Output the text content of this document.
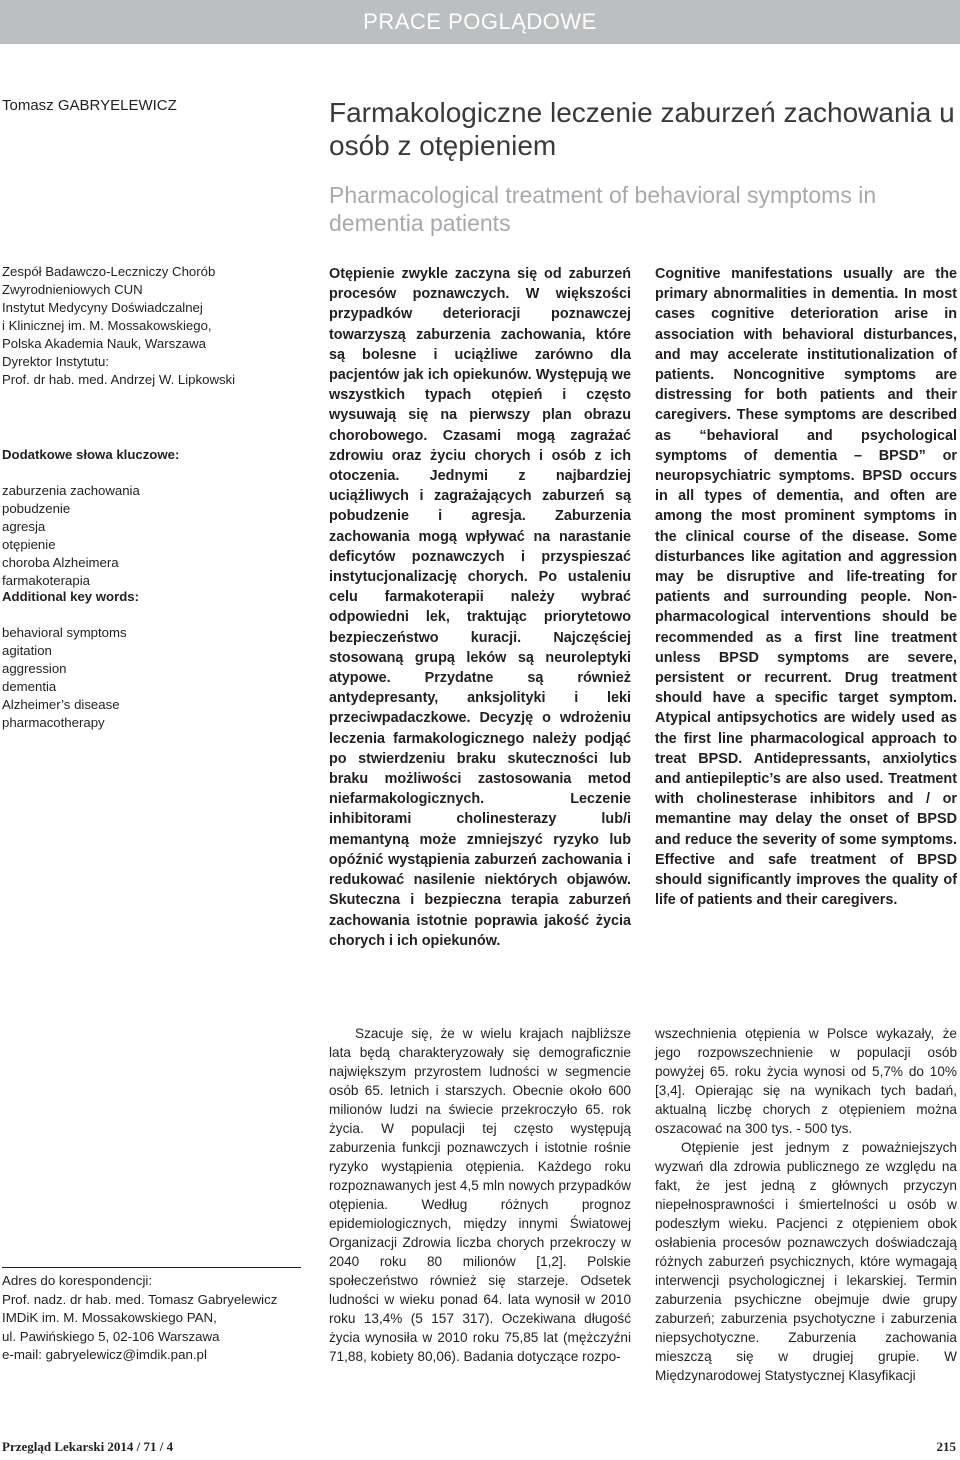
PRACE POGLĄDOWE
Tomasz GABRYELEWICZ	Farmakologiczne leczenie zaburzeń zachowania u osób z otępieniem
Pharmacological treatment of behavioral symptoms in dementia patients

Zespół Badawczo-Leczniczy Chorób
Zwyrodnieniowych CUN
Instytut Medycyny Doświadczalnej
i Klinicznej im. M. Mossakowskiego,
Polska Akademia Nauk, Warszawa
Dyrektor Instytutu:
Prof. dr hab. med. Andrzej W. Lipkowski

Dodatkowe słowa kluczowe:

zaburzenia zachowania
pobudzenie
agresja
otępienie
choroba Alzheimera
farmakoterapia

Additional key words:

behavioral symptoms
agitation
aggression
dementia
Alzheimer’s disease
pharmacotherapy

Otępienie zwykle zaczyna się od zaburzeń procesów poznawczych. W większości przypadków deterioracji poznawczej towarzyszą zaburzenia zachowania, które są bolesne i uciążliwe zarówno dla pacjentów jak ich opiekunów. Występują we wszystkich typach otępień i często wysuwają się na pierwszy plan obrazu chorobowego. Czasami mogą zagrażać zdrowiu oraz życiu chorych i osób z ich otoczenia. Jednymi z najbardziej uciążliwych i zagrażających zaburzeń są pobudzenie i agresja. Zaburzenia zachowania mogą wpływać na narastanie deficytów poznawczych i przyspieszać instytucjonalizację chorych. Po ustaleniu celu farmakoterapii należy wybrać odpowiedni lek, traktując priorytetowo bezpieczeństwo kuracji. Najczęściej stosowaną grupą leków są neuroleptyki atypowe. Przydatne są również antydepresanty, anksjolityki i leki przeciwpadaczkowe. Decyzję o wdrożeniu leczenia farmakologicznego należy podjąć po stwierdzeniu braku skuteczności lub braku możliwości zastosowania metod niefarmakologicznych. Leczenie inhibitorami cholinesterazy lub/i memantyną może zmniejszyć ryzyko lub opóźnić wystąpienia zaburzeń zachowania i redukować nasilenie niektórych objawów. Skuteczna i bezpieczna terapia zaburzeń zachowania istotnie poprawia jakość życia chorych i ich opiekunów.

Cognitive manifestations usually are the primary abnormalities in dementia. In most cases cognitive deterioration arise in association with behavioral disturbances, and may accelerate institutionalization of patients. Noncognitive symptoms are distressing for both patients and their caregivers. These symptoms are described as “behavioral and psychological symptoms of dementia – BPSD” or neuropsychiatric symptoms. BPSD occurs in all types of dementia, and often are among the most prominent symptoms in the clinical course of the disease. Some disturbances like agitation and aggression may be disruptive and life-treating for patients and surrounding people. Non-pharmacological interventions should be recommended as a first line treatment unless BPSD symptoms are severe, persistent or recurrent. Drug treatment should have a specific target symptom. Atypical antipsychotics are widely used as the first line pharmacological approach to treat BPSD. Antidepressants, anxiolytics and antiepileptic’s are also used. Treatment with cholinesterase inhibitors and / or memantine may delay the onset of BPSD and reduce the severity of some symptoms. Effective and safe treatment of BPSD should significantly improves the quality of life of patients and their caregivers.

Szacuje się, że w wielu krajach najbliższe lata będą charakteryzowały się demograficznie największym przyrostem ludności w segmencie osób 65. letnich i starszych. Obecnie około 600 milionów ludzi na świecie przekroczyło 65. rok życia. W populacji tej często występują zaburzenia funkcji poznawczych i istotnie rośnie ryzyko wystąpienia otępienia. Każdego roku rozpoznawanych jest 4,5 mln nowych przypadków otępienia. Według różnych prognoz epidemiologicznych, między innymi Światowej Organizacji Zdrowia liczba chorych przekroczy w 2040 roku 80 milionów [1,2]. Polskie społeczeństwo również się starzeje. Odsetek ludności w wieku ponad 64. lata wynosił w 2010 roku 13,4% (5 157 317). Oczekiwana długość życia wynosiła w 2010 roku 75,85 lat (mężczyźni 71,88, kobiety 80,06). Badania dotyczące rozpo-

wszechnienia otępienia w Polsce wykazały, że jego rozpowszechnienie w populacji osób powyżej 65. roku życia wynosi od 5,7% do 10% [3,4]. Opierając się na wynikach tych badań, aktualną liczbę chorych z otępieniem można oszacować na 300 tys. - 500 tys.

Otępienie jest jednym z poważniejszych wyzwań dla zdrowia publicznego ze względu na fakt, że jest jedną z głównych przyczyn niepełnosprawności i śmiertelności u osób w podeszłym wieku. Pacjenci z otępieniem obok osłabienia procesów poznawczych doświadczają różnych zaburzeń psychicznych, które wymagają interwencji psychologicznej i lekarskiej. Termin zaburzenia psychiczne obejmuje dwie grupy zaburzeń; zaburzenia psychotyczne i zaburzenia niepsychotyczne. Zaburzenia zachowania mieszczą się w drugiej grupie. W Międzynarodowej Statystycznej Klasyfikacji

Adres do korespondencji:
Prof. nadz. dr hab. med. Tomasz Gabryelewicz
IMDiK im. M. Mossakowskiego PAN,
ul. Pawińskiego 5, 02-106 Warszawa
e-mail: gabryelewicz@imdik.pan.pl

Przegląd Lekarski 2014 / 71 / 4	215
